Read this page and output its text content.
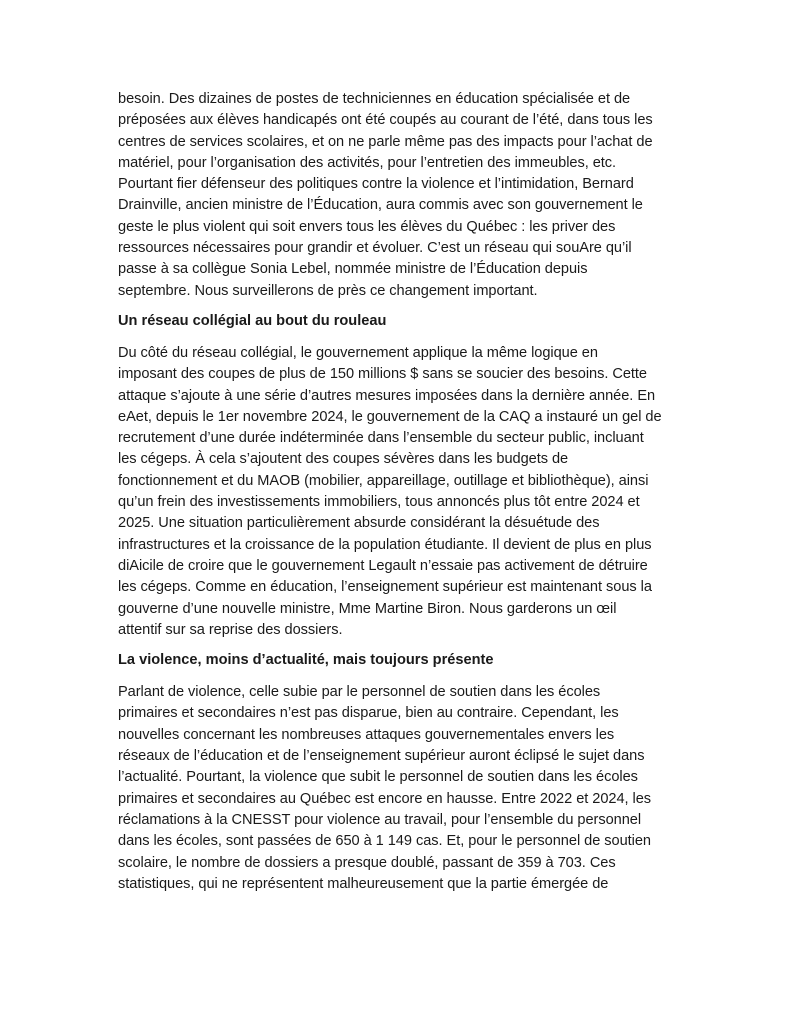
besoin. Des dizaines de postes de techniciennes en éducation spécialisée et de
préposées aux élèves handicapés ont été coupés au courant de l’été, dans tous les
centres de services scolaires, et on ne parle même pas des impacts pour l’achat de
matériel, pour l’organisation des activités, pour l’entretien des immeubles, etc.
Pourtant fier défenseur des politiques contre la violence et l’intimidation, Bernard
Drainville, ancien ministre de l’Éducation, aura commis avec son gouvernement le
geste le plus violent qui soit envers tous les élèves du Québec : les priver des
ressources nécessaires pour grandir et évoluer. C’est un réseau qui souAre qu’il
passe à sa collègue Sonia Lebel, nommée ministre de l’Éducation depuis
septembre. Nous surveillerons de près ce changement important.

Un réseau collégial au bout du rouleau

Du côté du réseau collégial, le gouvernement applique la même logique en
imposant des coupes de plus de 150 millions $ sans se soucier des besoins. Cette
attaque s’ajoute à une série d’autres mesures imposées dans la dernière année. En
eAet, depuis le 1er novembre 2024, le gouvernement de la CAQ a instauré un gel de
recrutement d’une durée indéterminée dans l’ensemble du secteur public, incluant
les cégeps. À cela s’ajoutent des coupes sévères dans les budgets de
fonctionnement et du MAOB (mobilier, appareillage, outillage et bibliothèque), ainsi
qu’un frein des investissements immobiliers, tous annoncés plus tôt entre 2024 et
2025. Une situation particulièrement absurde considérant la désuétude des
infrastructures et la croissance de la population étudiante. Il devient de plus en plus
diAicile de croire que le gouvernement Legault n’essaie pas activement de détruire
les cégeps. Comme en éducation, l’enseignement supérieur est maintenant sous la
gouverne d’une nouvelle ministre, Mme Martine Biron. Nous garderons un œil
attentif sur sa reprise des dossiers.

La violence, moins d’actualité, mais toujours présente

Parlant de violence, celle subie par le personnel de soutien dans les écoles
primaires et secondaires n’est pas disparue, bien au contraire. Cependant, les
nouvelles concernant les nombreuses attaques gouvernementales envers les
réseaux de l’éducation et de l’enseignement supérieur auront éclipsé le sujet dans
l’actualité. Pourtant, la violence que subit le personnel de soutien dans les écoles
primaires et secondaires au Québec est encore en hausse. Entre 2022 et 2024, les
réclamations à la CNESST pour violence au travail, pour l’ensemble du personnel
dans les écoles, sont passées de 650 à 1 149 cas. Et, pour le personnel de soutien
scolaire, le nombre de dossiers a presque doublé, passant de 359 à 703. Ces
statistiques, qui ne représentent malheureusement que la partie émergée de
